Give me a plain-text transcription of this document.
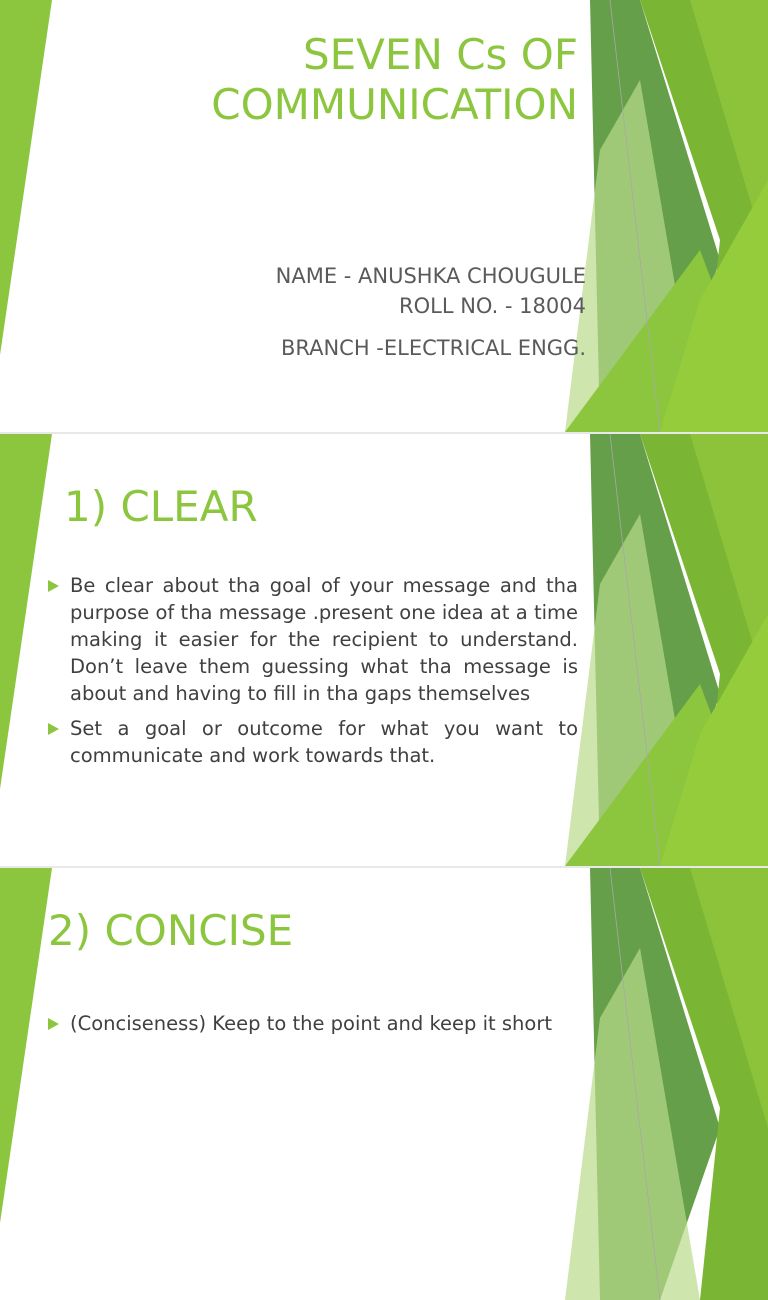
SEVEN Cs OF
COMMUNICATION
NAME - ANUSHKA CHOUGULE
ROLL NO. - 18004
BRANCH -ELECTRICAL ENGG.
1) CLEAR
Be clear about tha goal of your message and tha purpose of tha message .present one idea at a time making it easier for the recipient to understand. Don’t leave them guessing what tha message is about and having to fill in tha gaps themselves
Set a goal or outcome for what you want to communicate and work towards that.
2) CONCISE
(Conciseness) Keep to the point and keep it short
